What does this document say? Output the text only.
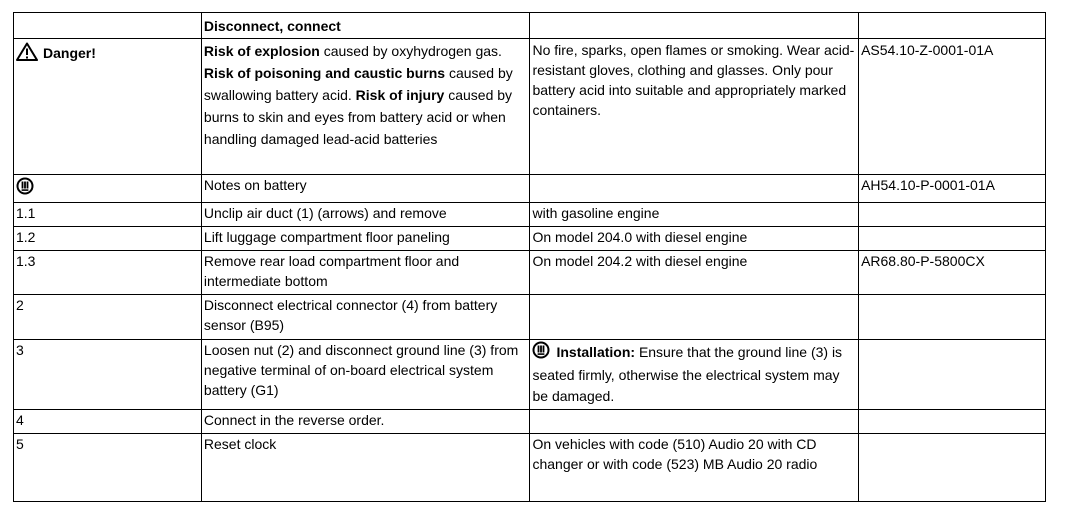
	Disconnect, connect		
Danger!	Risk of explosion caused by oxyhydrogen gas. Risk of poisoning and caustic burns caused by swallowing battery acid. Risk of injury caused by burns to skin and eyes from battery acid or when handling damaged lead-acid batteries	No fire, sparks, open flames or smoking. Wear acid-resistant gloves, clothing and glasses. Only pour battery acid into suitable and appropriately marked containers.	AS54.10-Z-0001-01A
	Notes on battery		AH54.10-P-0001-01A
1.1	Unclip air duct (1) (arrows) and remove	with gasoline engine	
1.2	Lift luggage compartment floor paneling	On model 204.0 with diesel engine	
1.3	Remove rear load compartment floor and intermediate bottom	On model 204.2 with diesel engine	AR68.80-P-5800CX
2	Disconnect electrical connector (4) from battery sensor (B95)		
3	Loosen nut (2) and disconnect ground line (3) from negative terminal of on-board electrical system battery (G1)	Installation: Ensure that the ground line (3) is seated firmly, otherwise the electrical system may be damaged.	
4	Connect in the reverse order.		
5	Reset clock	On vehicles with code (510) Audio 20 with CD changer or with code (523) MB Audio 20 radio	
